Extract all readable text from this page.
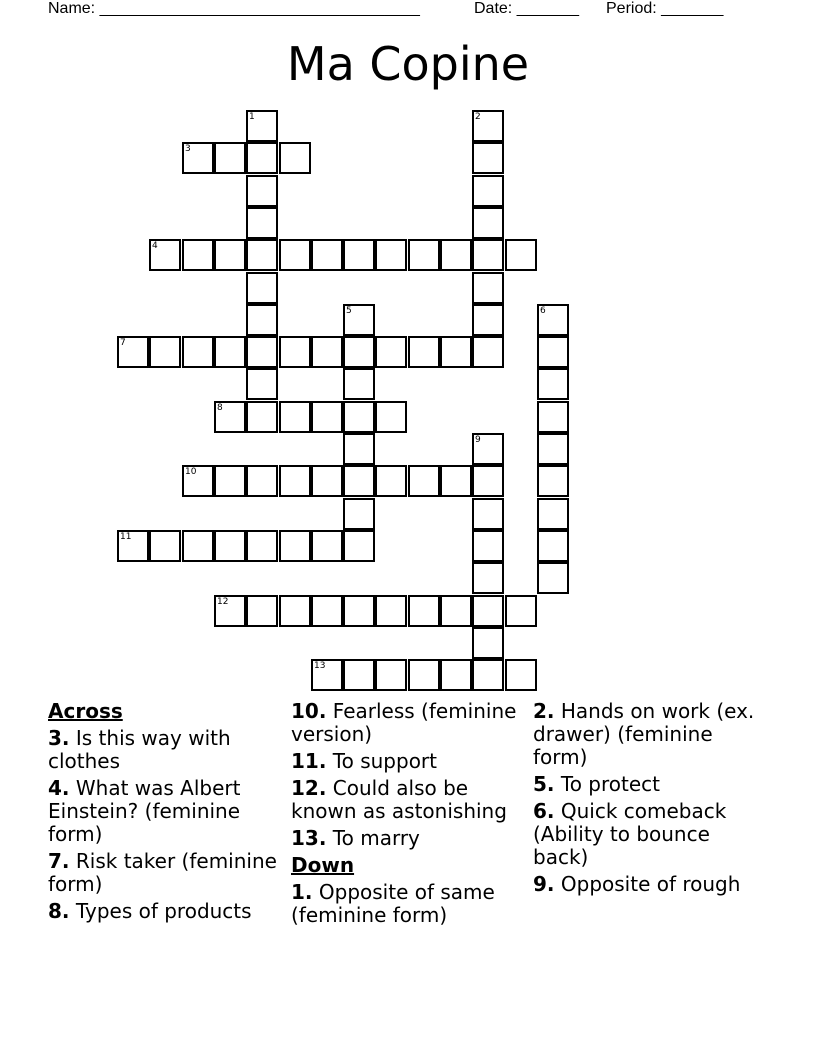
Name: ____________________________________	Date: _______ Period: _______
Ma Copine
1	2
3
4
5	6
7
8
9
10
11
12
13
Across
3. Is this way with clothes
4. What was Albert Einstein? (feminine form)
7. Risk taker (feminine form)
8. Types of products
10. Fearless (feminine version)
11. To support
12. Could also be known as astonishing
13. To marry
Down
1. Opposite of same (feminine form)
2. Hands on work (ex. drawer) (feminine form)
5. To protect
6. Quick comeback (Ability to bounce back)
9. Opposite of rough
